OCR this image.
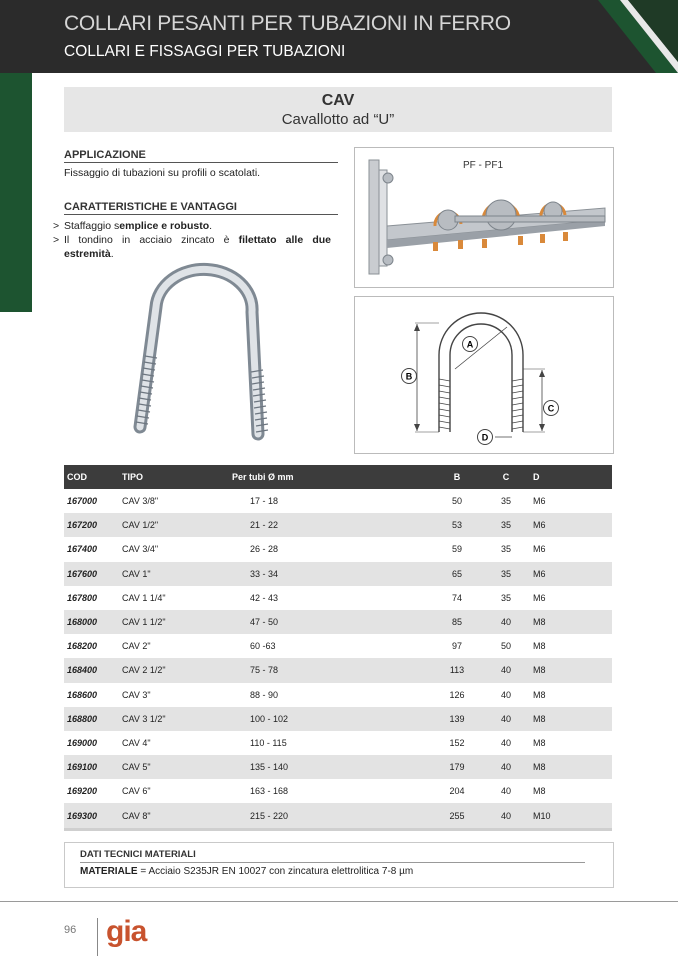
COLLARI PESANTI PER TUBAZIONI IN FERRO
COLLARI E FISSAGGI PER TUBAZIONI
CAV
Cavallotto ad “U”
APPLICAZIONE
Fissaggio di tubazioni su profili o scatolati.
CARATTERISTICHE E VANTAGGI
> Staffaggio semplice e robusto.
> Il tondino in acciaio zincato è filettato alle due estremità.
PF - PF1
A
B
C
D
COD	TIPO	Per tubi Ø mm	B	C	D
167000	CAV 3/8"	17 - 18	50	35	M6
167200	CAV 1/2"	21 - 22	53	35	M6
167400	CAV 3/4"	26 - 28	59	35	M6
167600	CAV 1"	33 - 34	65	35	M6
167800	CAV 1 1/4"	42 - 43	74	35	M6
168000	CAV 1 1/2"	47 - 50	85	40	M8
168200	CAV 2"	60 -63	97	50	M8
168400	CAV 2 1/2"	75 - 78	113	40	M8
168600	CAV 3"	88 - 90	126	40	M8
168800	CAV 3 1/2"	100 - 102	139	40	M8
169000	CAV 4"	110 - 115	152	40	M8
169100	CAV 5"	135 - 140	179	40	M8
169200	CAV 6"	163 - 168	204	40	M8
169300	CAV 8"	215 - 220	255	40	M10
DATI TECNICI MATERIALI
MATERIALE = Acciaio S235JR EN 10027 con zincatura elettrolitica 7-8 µm
96 gia
